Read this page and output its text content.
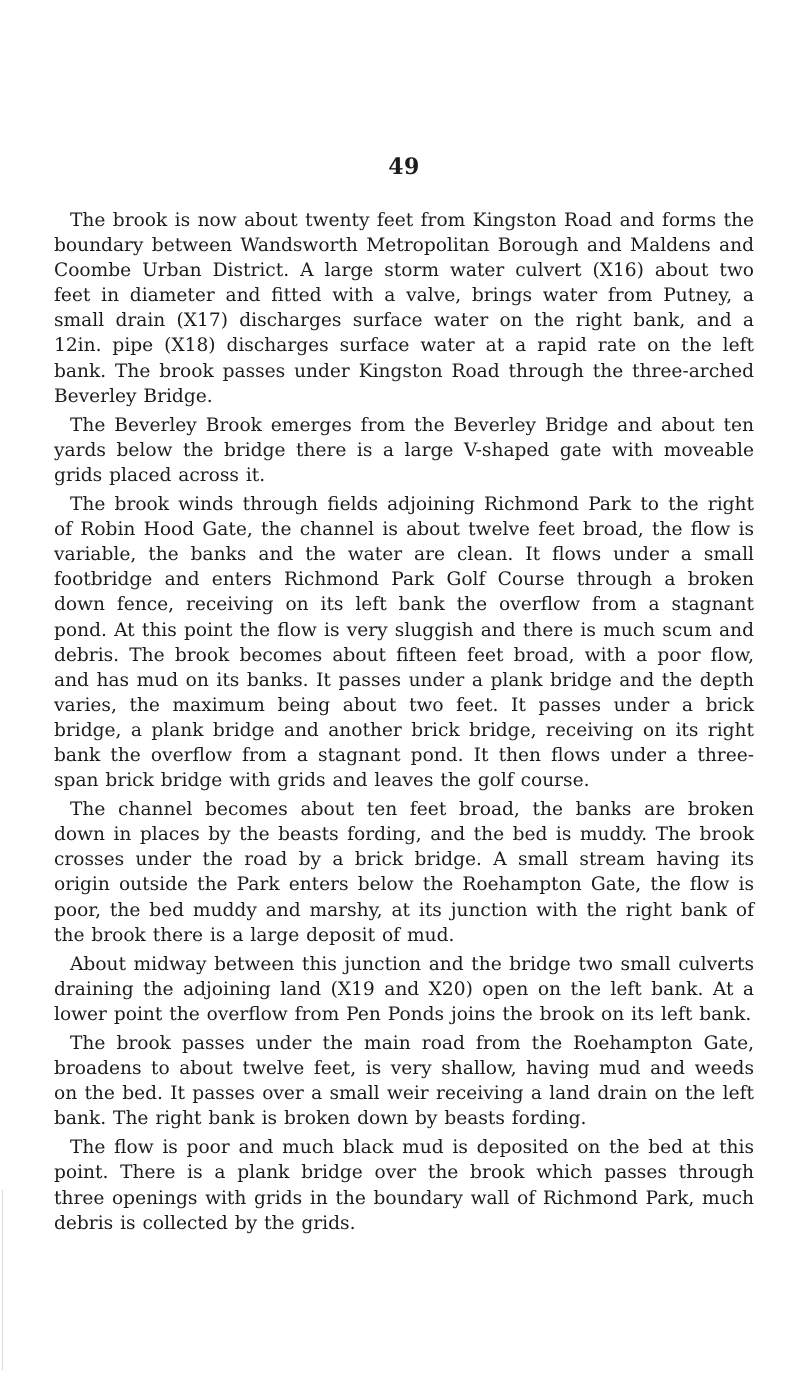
49

The brook is now about twenty feet from Kingston Road and forms the boundary between Wandsworth Metropolitan Borough and Maldens and Coombe Urban District. A large storm water culvert (X16) about two feet in diameter and fitted with a valve, brings water from Putney, a small drain (X17) discharges surface water on the right bank, and a 12in. pipe (X18) discharges surface water at a rapid rate on the left bank. The brook passes under Kingston Road through the three-arched Beverley Bridge.

The Beverley Brook emerges from the Beverley Bridge and about ten yards below the bridge there is a large V-shaped gate with moveable grids placed across it.

The brook winds through fields adjoining Richmond Park to the right of Robin Hood Gate, the channel is about twelve feet broad, the flow is variable, the banks and the water are clean. It flows under a small footbridge and enters Richmond Park Golf Course through a broken down fence, receiving on its left bank the overflow from a stagnant pond. At this point the flow is very sluggish and there is much scum and debris. The brook becomes about fifteen feet broad, with a poor flow, and has mud on its banks. It passes under a plank bridge and the depth varies, the maximum being about two feet. It passes under a brick bridge, a plank bridge and another brick bridge, receiving on its right bank the overflow from a stagnant pond. It then flows under a three-span brick bridge with grids and leaves the golf course.

The channel becomes about ten feet broad, the banks are broken down in places by the beasts fording, and the bed is muddy. The brook crosses under the road by a brick bridge. A small stream having its origin outside the Park enters below the Roehampton Gate, the flow is poor, the bed muddy and marshy, at its junction with the right bank of the brook there is a large deposit of mud.

About midway between this junction and the bridge two small culverts draining the adjoining land (X19 and X20) open on the left bank. At a lower point the overflow from Pen Ponds joins the brook on its left bank.

The brook passes under the main road from the Roehampton Gate, broadens to about twelve feet, is very shallow, having mud and weeds on the bed. It passes over a small weir receiving a land drain on the left bank. The right bank is broken down by beasts fording.

The flow is poor and much black mud is deposited on the bed at this point. There is a plank bridge over the brook which passes through three openings with grids in the boundary wall of Richmond Park, much debris is collected by the grids.
